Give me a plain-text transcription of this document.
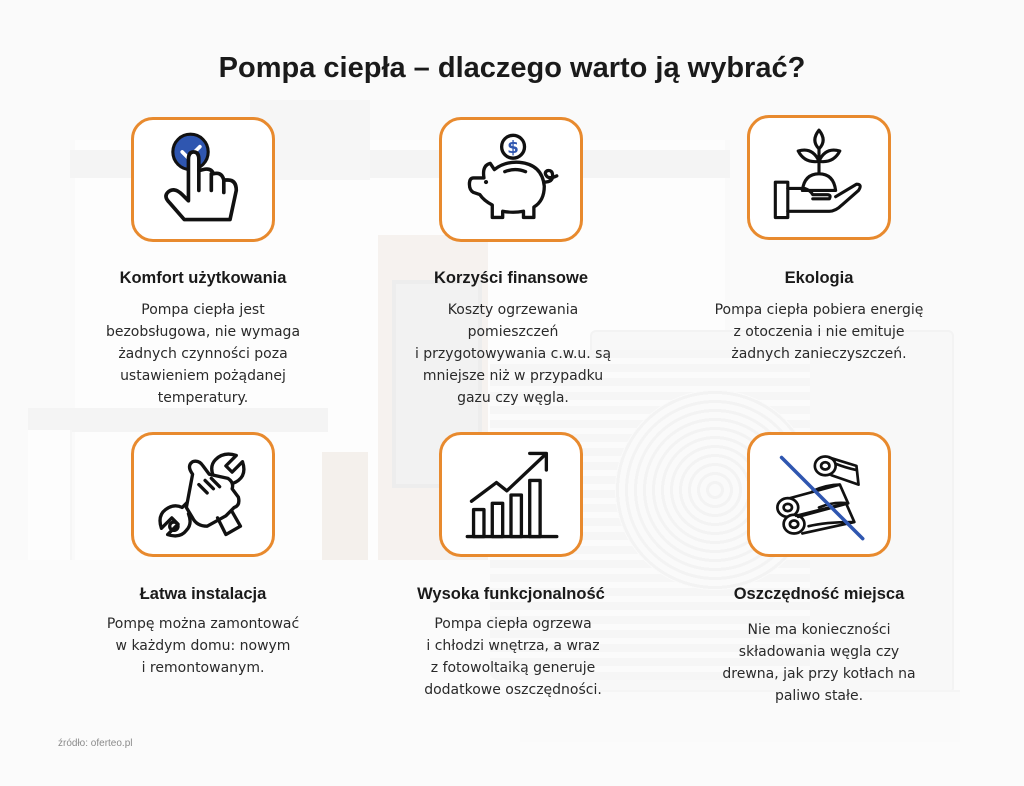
Pompa ciepła – dlaczego warto ją wybrać?
Komfort użytkowania
Pompa ciepła jest
bezobsługowa, nie wymaga
żadnych czynności poza
ustawieniem pożądanej
temperatury.
$
Korzyści finansowe
Koszty ogrzewania
pomieszczeń
i przygotowywania c.w.u. są
mniejsze niż w przypadku
gazu czy węgla.
Ekologia
Pompa ciepła pobiera energię
z otoczenia i nie emituje
żadnych zanieczyszczeń.
Łatwa instalacja
Pompę można zamontować
w każdym domu: nowym
i remontowanym.
Wysoka funkcjonalność
Pompa ciepła ogrzewa
i chłodzi wnętrza, a wraz
z fotowoltaiką generuje
dodatkowe oszczędności.
Oszczędność miejsca
Nie ma konieczności
składowania węgla czy
drewna, jak przy kotłach na
paliwo stałe.
źródło: oferteo.pl
